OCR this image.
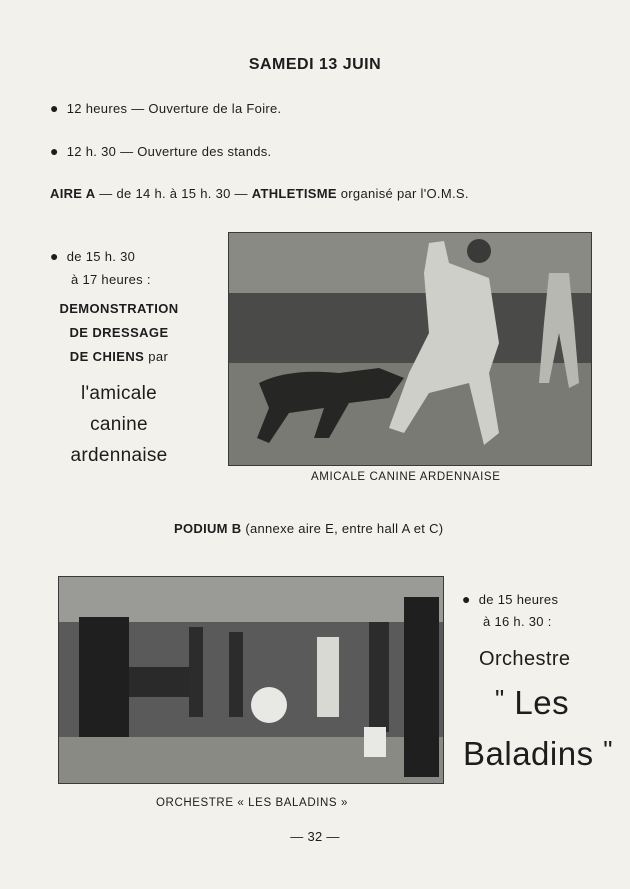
SAMEDI 13 JUIN
● 12 heures — Ouverture de la Foire.
● 12 h. 30 — Ouverture des stands.
AIRE A — de 14 h. à 15 h. 30 — ATHLETISME organisé par l'O.M.S.
● de 15 h. 30
à 17 heures :
DEMONSTRATION
DE DRESSAGE
DE CHIENS par
l'amicale
canine
ardennaise
AMICALE CANINE ARDENNAISE
PODIUM B (annexe aire E, entre hall A et C)
ORCHESTRE « LES BALADINS »
● de 15 heures
à 16 h. 30 :
Orchestre
" Les
Baladins "
— 32 —
